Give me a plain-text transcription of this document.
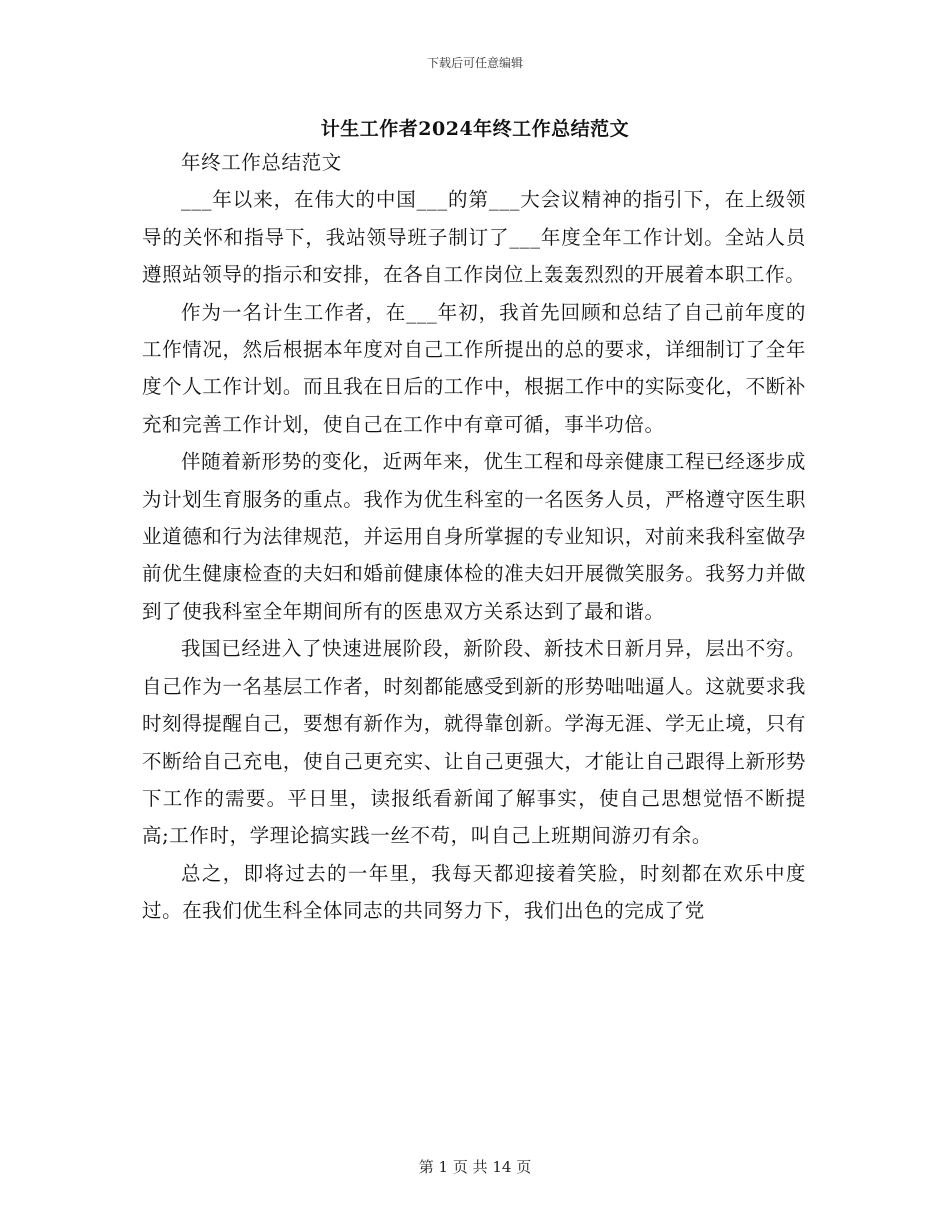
下载后可任意编辑
计生工作者2024年终工作总结范文

年终工作总结范文

___年以来，在伟大的中国___的第___大会议精神的指引下，在上级领导的关怀和指导下，我站领导班子制订了___年度全年工作计划。全站人员遵照站领导的指示和安排，在各自工作岗位上轰轰烈烈的开展着本职工作。

作为一名计生工作者，在___年初，我首先回顾和总结了自己前年度的工作情况，然后根据本年度对自己工作所提出的总的要求，详细制订了全年度个人工作计划。而且我在日后的工作中，根据工作中的实际变化，不断补充和完善工作计划，使自己在工作中有章可循，事半功倍。

伴随着新形势的变化，近两年来，优生工程和母亲健康工程已经逐步成为计划生育服务的重点。我作为优生科室的一名医务人员，严格遵守医生职业道德和行为法律规范，并运用自身所掌握的专业知识，对前来我科室做孕前优生健康检查的夫妇和婚前健康体检的准夫妇开展微笑服务。我努力并做到了使我科室全年期间所有的医患双方关系达到了最和谐。

我国已经进入了快速进展阶段，新阶段、新技术日新月异，层出不穷。自己作为一名基层工作者，时刻都能感受到新的形势咄咄逼人。这就要求我时刻得提醒自己，要想有新作为，就得靠创新。学海无涯、学无止境，只有不断给自己充电，使自己更充实、让自己更强大，才能让自己跟得上新形势下工作的需要。平日里，读报纸看新闻了解事实，使自己思想觉悟不断提高;工作时，学理论搞实践一丝不苟，叫自己上班期间游刃有余。

总之，即将过去的一年里，我每天都迎接着笑脸，时刻都在欢乐中度过。在我们优生科全体同志的共同努力下，我们出色的完成了党

第 1 页 共 14 页
